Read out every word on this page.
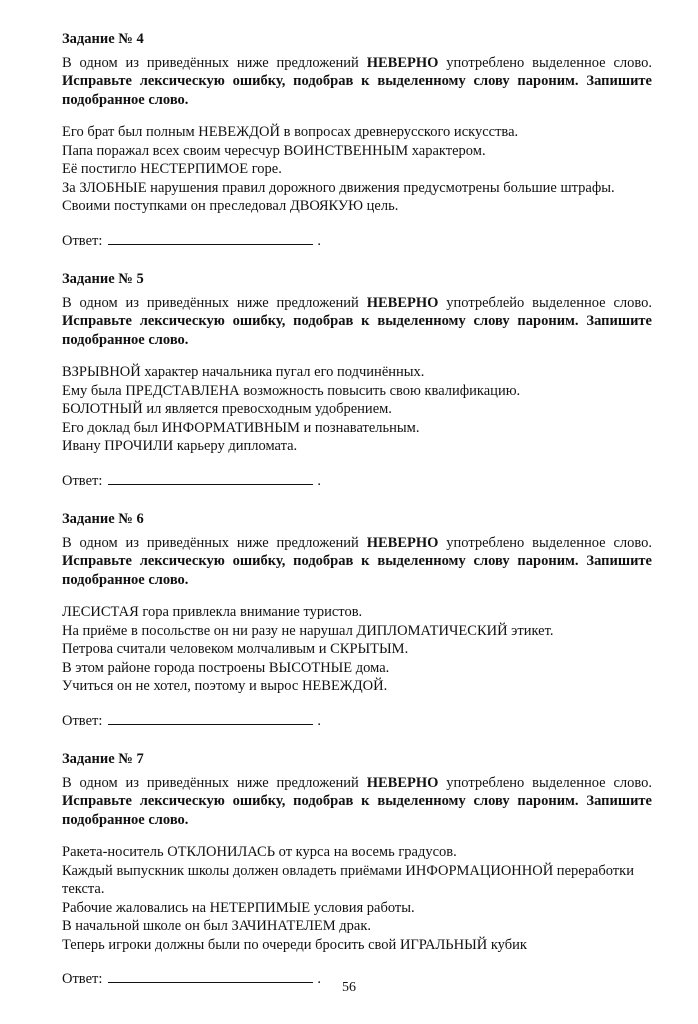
Задание № 4

В одном из приведённых ниже предложений НЕВЕРНО употреблено выделенное слово. Исправьте лексическую ошибку, подобрав к выделенному слову пароним. Запишите подобранное слово.

Его брат был полным НЕВЕЖДОЙ в вопросах древнерусского искусства.

Папа поражал всех своим чересчур ВОИНСТВЕННЫМ характером.

Её постигло НЕСТЕРПИМОЕ горе.

За ЗЛОБНЫЕ нарушения правил дорожного движения предусмотрены большие штрафы.

Своими поступками он преследовал ДВОЯКУЮ цель.

Ответ:	.

Задание № 5

В одном из приведённых ниже предложений НЕВЕРНО употреблейо выделенное слово. Исправьте лексическую ошибку, подобрав к выделенному слову пароним. Запишите подобранное слово.

ВЗРЫВНОЙ характер начальника пугал его подчинённых.

Ему была ПРЕДСТАВЛЕНА возможность повысить свою квалификацию.

БОЛОТНЫЙ ил является превосходным удобрением.

Его доклад был ИНФОРМАТИВНЫМ и познавательным.

Ивану ПРОЧИЛИ карьеру дипломата.

Ответ:	.

Задание № 6

В одном из приведённых ниже предложений НЕВЕРНО употреблено выделенное слово. Исправьте лексическую ошибку, подобрав к выделенному слову пароним. Запишите подобранное слово.

ЛЕСИСТАЯ гора привлекла внимание туристов.

На приёме в посольстве он ни разу не нарушал ДИПЛОМАТИЧЕСКИЙ этикет.

Петрова считали человеком молчаливым и СКРЫТЫМ.

В этом районе города построены ВЫСОТНЫЕ дома.

Учиться он не хотел, поэтому и вырос НЕВЕЖДОЙ.

Ответ:	.

Задание № 7

В одном из приведённых ниже предложений НЕВЕРНО употреблено выделенное слово. Исправьте лексическую ошибку, подобрав к выделенному слову пароним. Запишите подобранное слово.

Ракета-носитель ОТКЛОНИЛАСЬ от курса на восемь градусов.

Каждый выпускник школы должен овладеть приёмами ИНФОРМАЦИОННОЙ переработки текста.

Рабочие жаловались на НЕТЕРПИМЫЕ условия работы.

В начальной школе он был ЗАЧИНАТЕЛЕМ драк.

Теперь игроки должны были по очереди бросить свой ИГРАЛЬНЫЙ кубик

Ответ:	.

56
